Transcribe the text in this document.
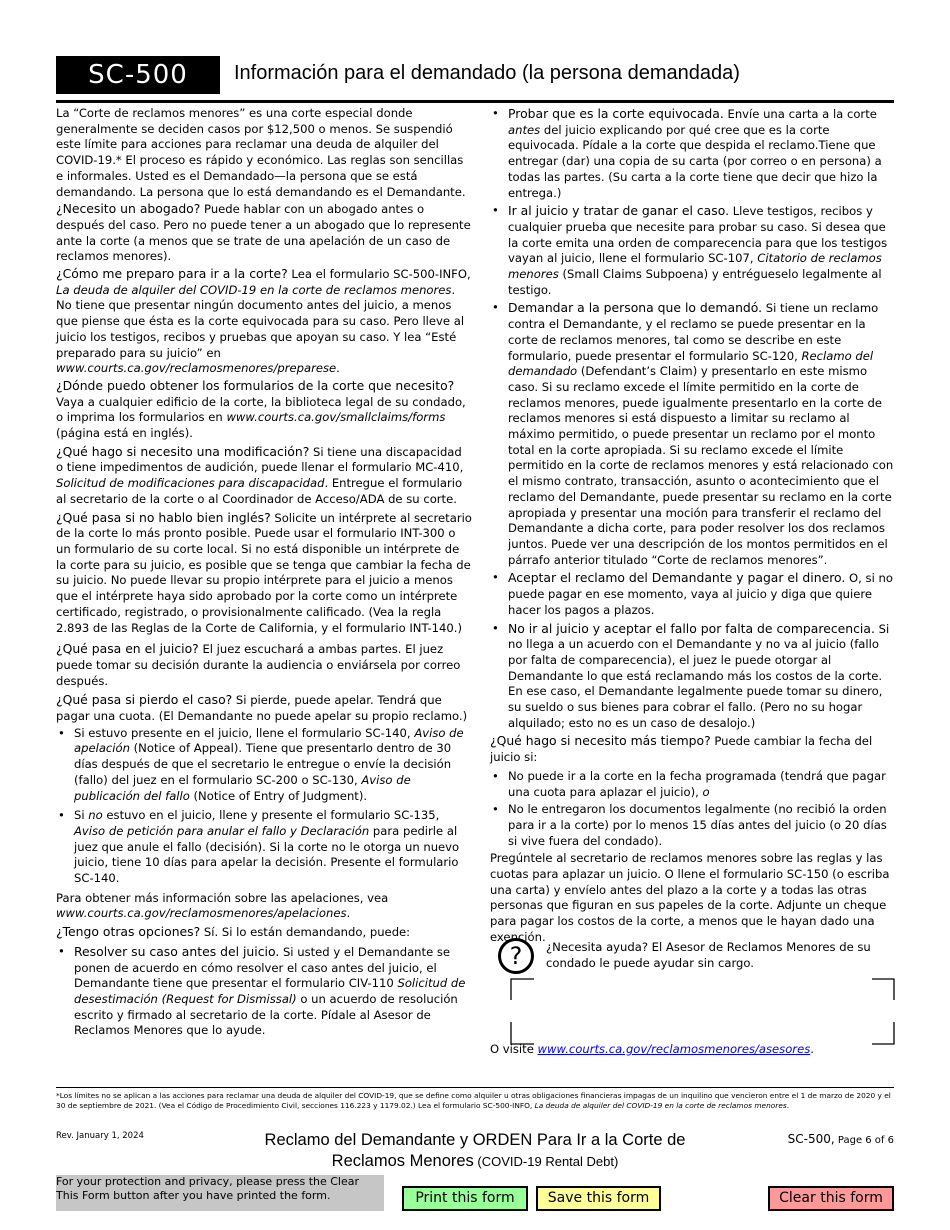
SC-500	Información para el demandado (la persona demandada)

La “Corte de reclamos menores” es una corte especial donde generalmente se deciden casos por $12,500 o menos. Se suspendió este límite para acciones para reclamar una deuda de alquiler del COVID-19.* El proceso es rápido y económico. Las reglas son sencillas e informales. Usted es el Demandado—la persona que se está demandando. La persona que lo está demandando es el Demandante.

¿Necesito un abogado? Puede hablar con un abogado antes o después del caso. Pero no puede tener a un abogado que lo represente ante la corte (a menos que se trate de una apelación de un caso de reclamos menores).

¿Cómo me preparo para ir a la corte? Lea el formulario SC-500-INFO, La deuda de alquiler del COVID-19 en la corte de reclamos menores. No tiene que presentar ningún documento antes del juicio, a menos que piense que ésta es la corte equivocada para su caso. Pero lleve al juicio los testigos, recibos y pruebas que apoyan su caso. Y lea “Esté preparado para su juicio” en www.courts.ca.gov/reclamosmenores/preparese.

¿Dónde puedo obtener los formularios de la corte que necesito? Vaya a cualquier edificio de la corte, la biblioteca legal de su condado, o imprima los formularios en www.courts.ca.gov/smallclaims/forms (página está en inglés).

¿Qué hago si necesito una modificación? Si tiene una discapacidad o tiene impedimentos de audición, puede llenar el formulario MC-410, Solicitud de modificaciones para discapacidad. Entregue el formulario al secretario de la corte o al Coordinador de Acceso/ADA de su corte.

¿Qué pasa si no hablo bien inglés? Solicite un intérprete al secretario de la corte lo más pronto posible. Puede usar el formulario INT-300 o un formulario de su corte local. Si no está disponible un intérprete de la corte para su juicio, es posible que se tenga que cambiar la fecha de su juicio. No puede llevar su propio intérprete para el juicio a menos que el intérprete haya sido aprobado por la corte como un intérprete certificado, registrado, o provisionalmente calificado. (Vea la regla 2.893 de las Reglas de la Corte de California, y el formulario INT-140.)

¿Qué pasa en el juicio? El juez escuchará a ambas partes. El juez puede tomar su decisión durante la audiencia o enviársela por correo después.

¿Qué pasa si pierdo el caso? Si pierde, puede apelar. Tendrá que pagar una cuota. (El Demandante no puede apelar su propio reclamo.)

• Si estuvo presente en el juicio, llene el formulario SC-140, Aviso de apelación (Notice of Appeal). Tiene que presentarlo dentro de 30 días después de que el secretario le entregue o envíe la decisión (fallo) del juez en el formulario SC-200 o SC-130, Aviso de publicación del fallo (Notice of Entry of Judgment).
• Si no estuvo en el juicio, llene y presente el formulario SC-135, Aviso de petición para anular el fallo y Declaración para pedirle al juez que anule el fallo (decisión). Si la corte no le otorga un nuevo juicio, tiene 10 días para apelar la decisión. Presente el formulario SC-140.

Para obtener más información sobre las apelaciones, vea www.courts.ca.gov/reclamosmenores/apelaciones.

¿Tengo otras opciones? Sí. Si lo están demandando, puede:

• Resolver su caso antes del juicio. Si usted y el Demandante se ponen de acuerdo en cómo resolver el caso antes del juicio, el Demandante tiene que presentar el formulario CIV-110 Solicitud de desestimación (Request for Dismissal) o un acuerdo de resolución escrito y firmado al secretario de la corte. Pídale al Asesor de Reclamos Menores que lo ayude.
• Probar que es la corte equivocada. Envíe una carta a la corte antes del juicio explicando por qué cree que es la corte equivocada. Pídale a la corte que despida el reclamo.Tiene que entregar (dar) una copia de su carta (por correo o en persona) a todas las partes. (Su carta a la corte tiene que decir que hizo la entrega.)
• Ir al juicio y tratar de ganar el caso. Lleve testigos, recibos y cualquier prueba que necesite para probar su caso. Si desea que la corte emita una orden de comparecencia para que los testigos vayan al juicio, llene el formulario SC-107, Citatorio de reclamos menores (Small Claims Subpoena) y entrégueselo legalmente al testigo.
• Demandar a la persona que lo demandó. Si tiene un reclamo contra el Demandante, y el reclamo se puede presentar en la corte de reclamos menores, tal como se describe en este formulario, puede presentar el formulario SC-120, Reclamo del demandado (Defendant’s Claim) y presentarlo en este mismo caso. Si su reclamo excede el límite permitido en la corte de reclamos menores, puede igualmente presentarlo en la corte de reclamos menores si está dispuesto a limitar su reclamo al máximo permitido, o puede presentar un reclamo por el monto total en la corte apropiada. Si su reclamo excede el límite permitido en la corte de reclamos menores y está relacionado con el mismo contrato, transacción, asunto o acontecimiento que el reclamo del Demandante, puede presentar su reclamo en la corte apropiada y presentar una moción para transferir el reclamo del Demandante a dicha corte, para poder resolver los dos reclamos juntos. Puede ver una descripción de los montos permitidos en el párrafo anterior titulado “Corte de reclamos menores”.
• Aceptar el reclamo del Demandante y pagar el dinero. O, si no puede pagar en ese momento, vaya al juicio y diga que quiere hacer los pagos a plazos.
• No ir al juicio y aceptar el fallo por falta de comparecencia. Si no llega a un acuerdo con el Demandante y no va al juicio (fallo por falta de comparecencia), el juez le puede otorgar al Demandante lo que está reclamando más los costos de la corte. En ese caso, el Demandante legalmente puede tomar su dinero, su sueldo o sus bienes para cobrar el fallo. (Pero no su hogar alquilado; esto no es un caso de desalojo.)

¿Qué hago si necesito más tiempo? Puede cambiar la fecha del juicio si:

• No puede ir a la corte en la fecha programada (tendrá que pagar una cuota para aplazar el juicio), o
• No le entregaron los documentos legalmente (no recibió la orden para ir a la corte) por lo menos 15 días antes del juicio (o 20 días si vive fuera del condado).

Pregúntele al secretario de reclamos menores sobre las reglas y las cuotas para aplazar un juicio. O llene el formulario SC-150 (o escriba una carta) y envíelo antes del plazo a la corte y a todas las otras personas que figuran en sus papeles de la corte. Adjunte un cheque para pagar los costos de la corte, a menos que le hayan dado una exención.

?	¿Necesita ayuda? El Asesor de Reclamos Menores de su condado le puede ayudar sin cargo.
O visite www.courts.ca.gov/reclamosmenores/asesores.
*Los límites no se aplican a las acciones para reclamar una deuda de alquiler del COVID-19, que se define como alquiler u otras obligaciones financieras impagas de un inquilino que vencieron entre el 1 de marzo de 2020 y el 30 de septiembre de 2021. (Vea el Código de Procedimiento Civil, secciones 116.223 y 1179.02.) Lea el formulario SC-500-INFO, La deuda de alquiler del COVID-19 en la corte de reclamos menores.
Rev. January 1, 2024	Reclamo del Demandante y ORDEN Para Ir a la Corte de
Reclamos Menores (COVID-19 Rental Debt)
SC-500, Page 6 of 6
For your protection and privacy, please press the Clear This Form button after you have printed the form.	Print this form	Save this form	Clear this form
